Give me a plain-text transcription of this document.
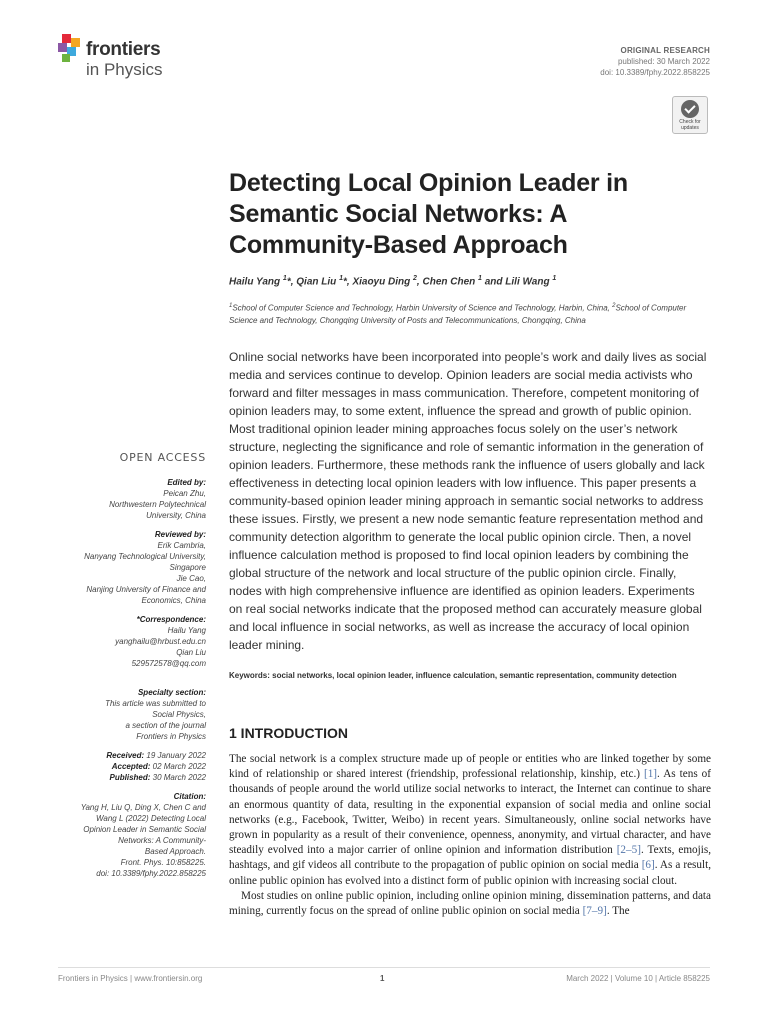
frontiers
in Physics
ORIGINAL RESEARCH
published: 30 March 2022
doi: 10.3389/fphy.2022.858225
Check for updates
Detecting Local Opinion Leader in Semantic Social Networks: A Community-Based Approach
Hailu Yang $^1$*, Qian Liu $^1$*, Xiaoyu Ding $^2$, Chen Chen $^1$ and Lili Wang $^1$
$^1$School of Computer Science and Technology, Harbin University of Science and Technology, Harbin, China, $^2$School of Computer Science and Technology, Chongqing University of Posts and Telecommunications, Chongqing, China
Online social networks have been incorporated into people’s work and daily lives as social media and services continue to develop. Opinion leaders are social media activists who forward and filter messages in mass communication. Therefore, competent monitoring of opinion leaders may, to some extent, influence the spread and growth of public opinion. Most traditional opinion leader mining approaches focus solely on the user’s network structure, neglecting the significance and role of semantic information in the generation of opinion leaders. Furthermore, these methods rank the influence of users globally and lack effectiveness in detecting local opinion leaders with low influence. This paper presents a community-based opinion leader mining approach in semantic social networks to address these issues. Firstly, we present a new node semantic feature representation method and community detection algorithm to generate the local public opinion circle. Then, a novel influence calculation method is proposed to find local opinion leaders by combining the global structure of the network and local structure of the public opinion circle. Finally, nodes with high comprehensive influence are identified as opinion leaders. Experiments on real social networks indicate that the proposed method can accurately measure global and local influence in social networks, as well as increase the accuracy of local opinion leader mining.
Keywords: social networks, local opinion leader, influence calculation, semantic representation, community detection
1 INTRODUCTION

The social network is a complex structure made up of people or entities who are linked together by some kind of relationship or shared interest (friendship, professional relationship, kinship, etc.) [1]. As tens of thousands of people around the world utilize social networks to interact, the Internet can continue to share an enormous quantity of data, resulting in the exponential expansion of social media and online social networks (e.g., Facebook, Twitter, Weibo) in recent years. Simultaneously, online social networks have grown in popularity as a result of their convenience, openness, anonymity, and virtual character, and have steadily evolved into a major carrier of online opinion and information distribution [2–5]. Texts, emojis, hashtags, and gif videos all contribute to the propagation of public opinion on social media [6]. As a result, online public opinion has evolved into a distinct form of public opinion with increasing social clout.

Most studies on online public opinion, including online opinion mining, dissemination patterns, and data mining, currently focus on the spread of online public opinion on social media [7–9]. The

OPEN ACCESS
Edited by:
Peican Zhu,
Northwestern Polytechnical
University, China
Reviewed by:
Erik Cambria,
Nanyang Technological University,
Singapore
Jie Cao,
Nanjing University of Finance and
Economics, China
*Correspondence:
Hailu Yang
yanghailu@hrbust.edu.cn
Qian Liu
529572578@qq.com
Specialty section:
This article was submitted to
Social Physics,
a section of the journal
Frontiers in Physics
Received: 19 January 2022
Accepted: 02 March 2022
Published: 30 March 2022
Citation:
Yang H, Liu Q, Ding X, Chen C and
Wang L (2022) Detecting Local
Opinion Leader in Semantic Social
Networks: A Community-
Based Approach.
Front. Phys. 10:858225.
doi: 10.3389/fphy.2022.858225
Frontiers in Physics | www.frontiersin.org	1	March 2022 | Volume 10 | Article 858225
